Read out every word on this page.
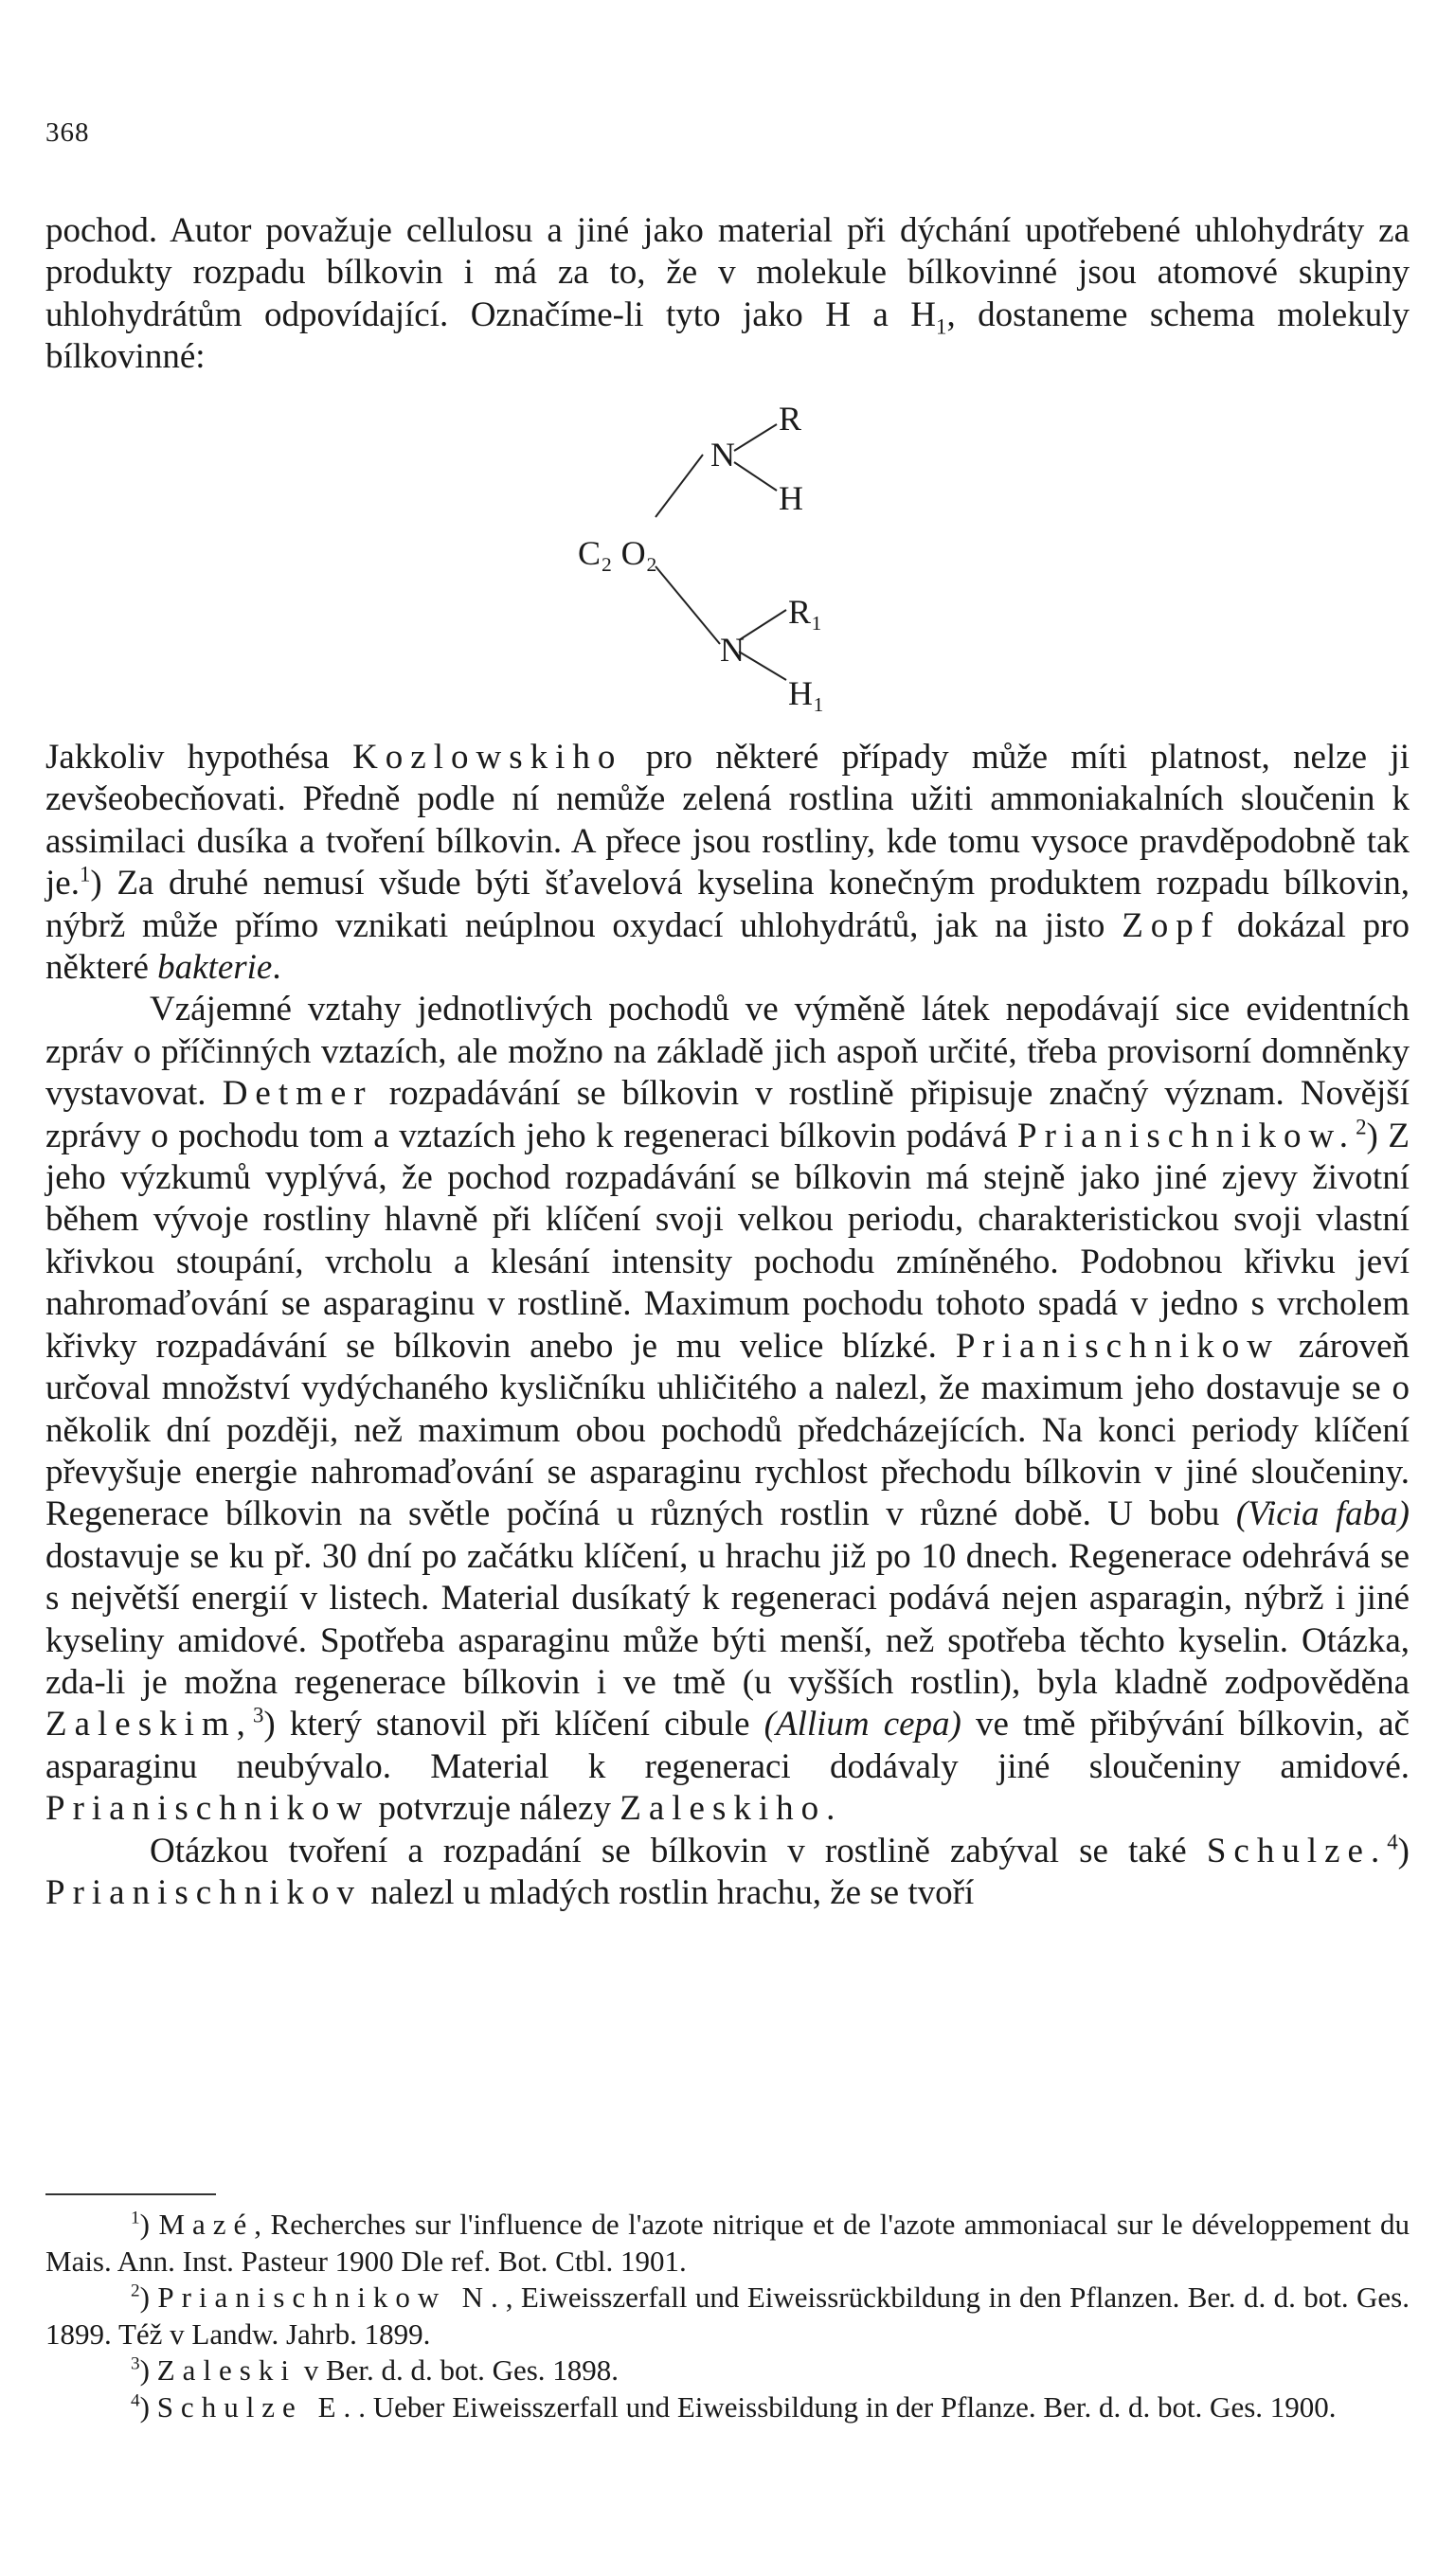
368

pochod. Autor považuje cellulosu a jiné jako material při dýchání upotřebené uhlohydráty za produkty rozpadu bílkovin i má za to, že v molekule bílkovinné jsou atomové skupiny uhlohydrátům odpovídající. Označíme-li tyto jako H a $H_1$, dostaneme schema molekuly bílkovinné:

C₂ O₂
N
R
H
N
R₁
H₁

Jakkoliv hypothésa Kozlowskiho pro některé případy může míti platnost, nelze ji zevšeobecňovati. Předně podle ní nemůže zelená rostlina užiti ammoniakalních sloučenin k assimilaci dusíka a tvoření bílkovin. A přece jsou rostliny, kde tomu vysoce pravděpodobně tak je.$^1$) Za druhé nemusí všude býti šťavelová kyselina konečným produktem rozpadu bílkovin, nýbrž může přímo vznikati neúplnou oxydací uhlohydrátů, jak na jisto Zopf dokázal pro některé bakterie.

Vzájemné vztahy jednotlivých pochodů ve výměně látek nepodávají sice evidentních zpráv o příčinných vztazích, ale možno na základě jich aspoň určité, třeba provisorní domněnky vystavovat. Detmer rozpadávání se bílkovin v rostlině připisuje značný význam. Novější zprávy o pochodu tom a vztazích jeho k regeneraci bílkovin podává Prianischnikow.$^2$) Z jeho výzkumů vyplývá, že pochod rozpadávání se bílkovin má stejně jako jiné zjevy životní během vývoje rostliny hlavně při klíčení svoji velkou periodu, charakteristickou svoji vlastní křivkou stoupání, vrcholu a klesání intensity pochodu zmíněného. Podobnou křivku jeví nahromaďování se asparaginu v rostlině. Maximum pochodu tohoto spadá v jedno s vrcholem křivky rozpadávání se bílkovin anebo je mu velice blízké. Prianischnikow zároveň určoval množství vydýchaného kysličníku uhličitého a nalezl, že maximum jeho dostavuje se o několik dní později, než maximum obou pochodů předcházejících. Na konci periody klíčení převyšuje energie nahromaďování se asparaginu rychlost přechodu bílkovin v jiné sloučeniny. Regenerace bílkovin na světle počíná u různých rostlin v různé době. U bobu (Vicia faba) dostavuje se ku př. 30 dní po začátku klíčení, u hrachu již po 10 dnech. Regenerace odehrává se s největší energií v listech. Material dusíkatý k regeneraci podává nejen asparagin, nýbrž i jiné kyseliny amidové. Spotřeba asparaginu může býti menší, než spotřeba těchto kyselin. Otázka, zda-li je možna regenerace bílkovin i ve tmě (u vyšších rostlin), byla kladně zodpověděna Zaleskim,$^3$) který stanovil při klíčení cibule (Allium cepa) ve tmě přibývání bílkovin, ač asparaginu neubývalo. Material k regeneraci dodávaly jiné sloučeniny amidové. Prianischnikow potvrzuje nálezy Zaleskiho.

Otázkou tvoření a rozpadání se bílkovin v rostlině zabýval se také Schulze.$^4$) Prianischnikov nalezl u mladých rostlin hrachu, že se tvoří

$^1$) Mazé, Recherches sur l'influence de l'azote nitrique et de l'azote ammoniacal sur le développement du Mais. Ann. Inst. Pasteur 1900 Dle ref. Bot. Ctbl. 1901.

$^2$) Prianischnikow N., Eiweisszerfall und Eiweissrückbildung in den Pflanzen. Ber. d. d. bot. Ges. 1899. Též v Landw. Jahrb. 1899.

$^3$) Zaleski v Ber. d. d. bot. Ges. 1898.

$^4$) Schulze E.. Ueber Eiweisszerfall und Eiweissbildung in der Pflanze. Ber. d. d. bot. Ges. 1900.
